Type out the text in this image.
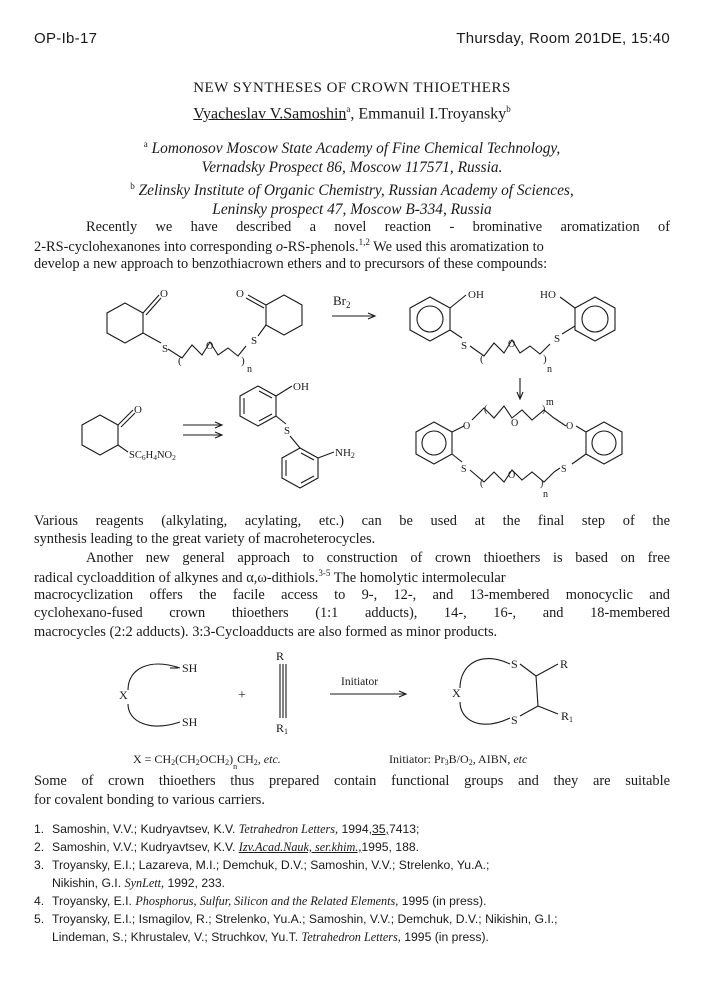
OP-Ib-17	Thursday, Room 201DE, 15:40
NEW SYNTHESES OF CROWN THIOETHERS
Vyacheslav V.Samoshin$^a$, Emmanuil I.Troyansky$^b$
$^a$ Lomonosov Moscow State Academy of Fine Chemical Technology,
Vernadsky Prospect 86, Moscow 117571, Russia.
$^b$ Zelinsky Institute of Organic Chemistry, Russian Academy of Sciences,
Leninsky prospect 47, Moscow B-334, Russia
Recently we have described a novel reaction - brominative aromatization of
2-RS-cyclohexanones into corresponding o-RS-phenols.$^{1,2}$ We used this aromatization to
develop a new approach to benzothiacrown ethers and to precursors of these compounds:
O
S
(
O
)
n
S
O	$Br_2$
OH
S
(
O
)
n
S
HO
O
SC6H4NO2
OH
S
NH2
O
(
O
)
m
O
S
(
O
)
n
S
Various reagents (alkylating, acylating, etc.) can be used at the final step of the
synthesis leading to the great variety of macroheterocycles.
Another new general approach to construction of crown thioethers is based on free
radical cycloaddition of alkynes and α,ω-dithiols.$^{3-5}$ The homolytic intermolecular
macrocyclization offers the facile access to 9-, 12-, and 13-membered monocyclic and
cyclohexano-fused crown thioethers (1:1 adducts), 14-, 16-, and 18-membered
macrocycles (2:2 adducts). 3:3-Cycloadducts are also formed as minor products.
SH
X
SH
+
R
R1
Initiator
X
S
S
R
R1
$X = CH2(CH2OCH2)_nCH2$, etc.	Initiator: Pr3B/O2, AIBN, etc
Some of crown thioethers thus prepared contain functional groups and they are suitable
for covalent bonding to various carriers.
1. Samoshin, V.V.; Kudryavtsev, K.V. Tetrahedron Letters, 1994,35,7413;
2. Samoshin, V.V.; Kudryavtsev, K.V. Izv.Acad.Nauk, ser.khim.,1995, 188.
3. Troyansky, E.I.; Lazareva, M.I.; Demchuk, D.V.; Samoshin, V.V.; Strelenko, Yu.A.;
Nikishin, G.I. SynLett, 1992, 233.
4. Troyansky, E.I. Phosphorus, Sulfur, Silicon and the Related Elements, 1995 (in press).
5. Troyansky, E.I.; Ismagilov, R.; Strelenko, Yu.A.; Samoshin, V.V.; Demchuk, D.V.; Nikishin, G.I.;
Lindeman, S.; Khrustalev, V.; Struchkov, Yu.T. Tetrahedron Letters, 1995 (in press).
